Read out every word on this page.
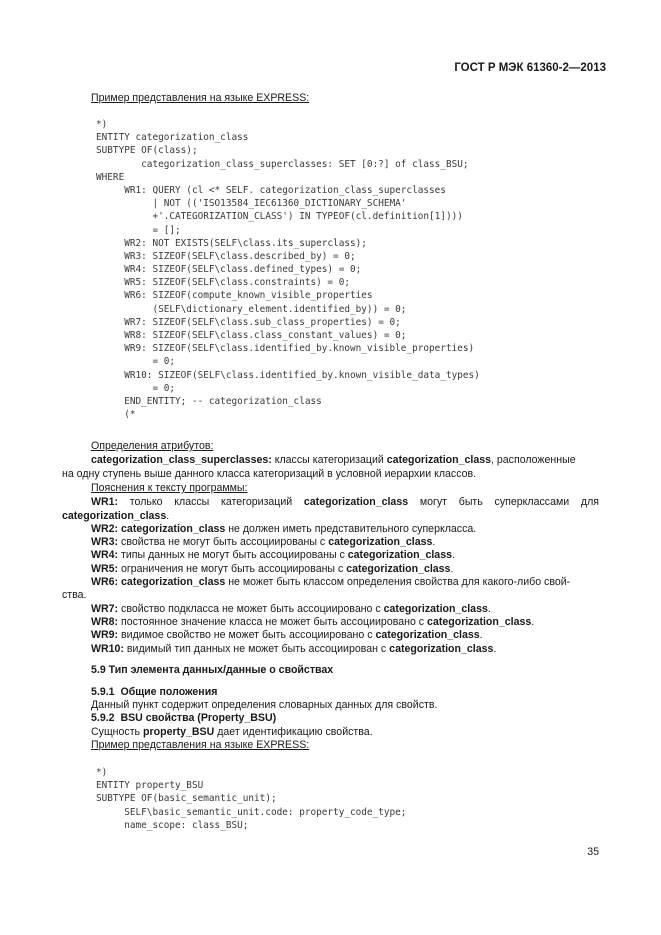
ГОСТ Р МЭК 61360-2—2013
Пример представления на языке EXPRESS:
*)
ENTITY categorization_class
SUBTYPE OF(class);
categorization_class_superclasses: SET [0:?] of class_BSU;
WHERE
WR1: QUERY (cl <* SELF. categorization_class_superclasses
| NOT (('ISO13584_IEC61360_DICTIONARY_SCHEMA'
+'.CATEGORIZATION_CLASS') IN TYPEOF(cl.definition[1])))
= [];
WR2: NOT EXISTS(SELF\class.its_superclass);
WR3: SIZEOF(SELF\class.described_by) = 0;
WR4: SIZEOF(SELF\class.defined_types) = 0;
WR5: SIZEOF(SELF\class.constraints) = 0;
WR6: SIZEOF(compute_known_visible_properties
(SELF\dictionary_element.identified_by)) = 0;
WR7: SIZEOF(SELF\class.sub_class_properties) = 0;
WR8: SIZEOF(SELF\class.class_constant_values) = 0;
WR9: SIZEOF(SELF\class.identified_by.known_visible_properties)
= 0;
WR10: SIZEOF(SELF\class.identified_by.known_visible_data_types)
= 0;
END_ENTITY; -- categorization_class
(*
Определения атрибутов:
categorization_class_superclasses: классы категоризаций categorization_class, расположенные
на одну ступень выше данного класса категоризаций в условной иерархии классов.
Пояснения к тексту программы:
WR1: только классы категоризаций categorization_class могут быть суперклассами для
categorization_class.
WR2: categorization_class не должен иметь представительного суперкласса.
WR3: свойства не могут быть ассоциированы с categorization_class.
WR4: типы данных не могут быть ассоциированы с categorization_class.
WR5: ограничения не могут быть ассоциированы с categorization_class.
WR6: categorization_class не может быть классом определения свойства для какого-либо свой-
ства.
WR7: свойство подкласса не может быть ассоциировано с categorization_class.
WR8: постоянное значение класса не может быть ассоциировано с categorization_class.
WR9: видимое свойство не может быть ассоциировано с categorization_class.
WR10: видимый тип данных не может быть ассоциирован с categorization_class.
5.9 Тип элемента данных/данные о свойствах
5.9.1  Общие положения
Данный пункт содержит определения словарных данных для свойств.
5.9.2  BSU свойства (Property_BSU)
Сущность property_BSU дает идентификацию свойства.
Пример представления на языке EXPRESS:
*)
ENTITY property_BSU
SUBTYPE OF(basic_semantic_unit);
SELF\basic_semantic_unit.code: property_code_type;
name_scope: class_BSU;
35
